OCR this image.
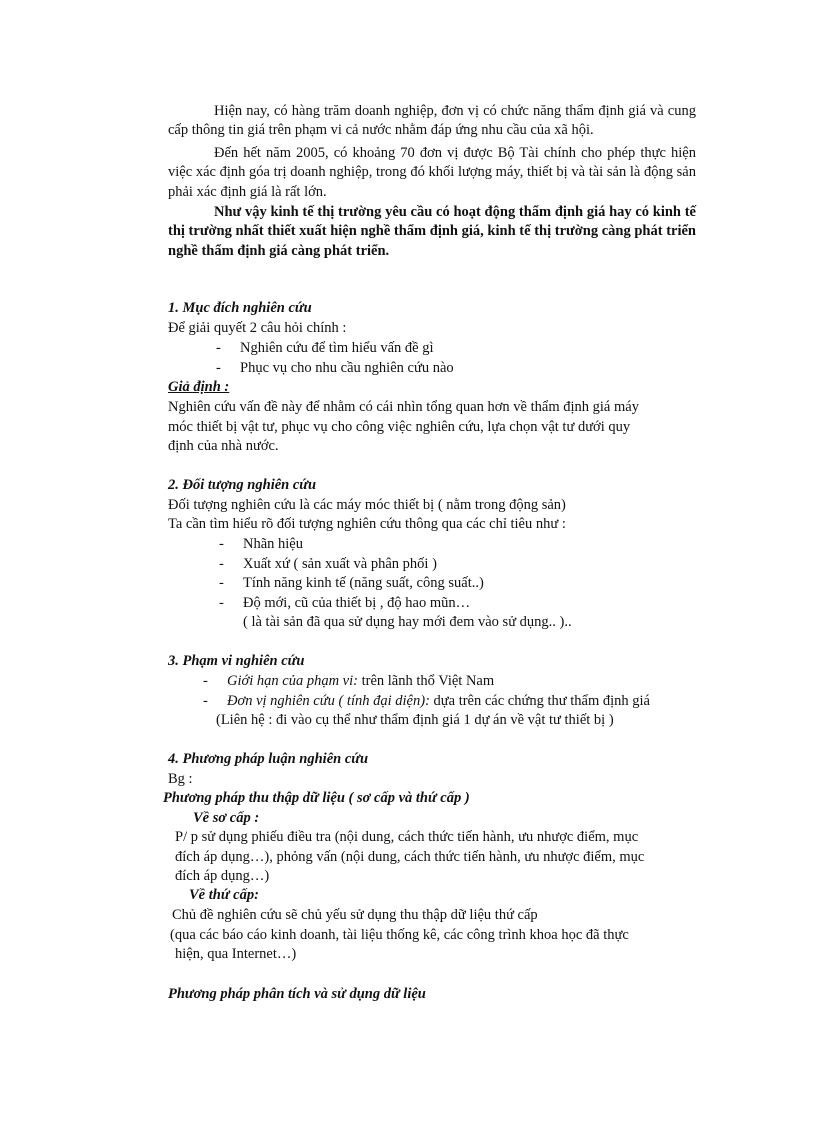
Hiện nay, có hàng trăm doanh nghiệp, đơn vị có chức năng thẩm định giá và cung cấp thông tin giá trên phạm vi cả nước nhằm đáp ứng nhu cầu của xã hội.
Đến hết năm 2005, có khoảng 70 đơn vị được Bộ Tài chính cho phép thực hiện việc xác định góa trị doanh nghiệp, trong đó khối lượng máy, thiết bị và tài sản là động sản phải xác định giá là rất lớn.
Như vậy kinh tế thị trường yêu cầu có hoạt động thẩm định giá hay có kinh tế thị trường nhất thiết xuất hiện nghề thẩm định giá, kinh tế thị trường càng phát triển nghề thẩm định giá càng phát triển.
1. Mục đích nghiên cứu
Để giải quyết 2 câu hỏi chính :
- Nghiên cứu để tìm hiểu vấn đề gì
- Phục vụ cho nhu cầu nghiên cứu nào
Giả định :
Nghiên cứu vấn đề này để nhằm có cái nhìn tổng quan hơn về thẩm định giá máy
móc thiết bị vật tư, phục vụ cho công việc nghiên cứu, lựa chọn vật tư dưới quy
định của nhà nước.
2. Đối tượng nghiên cứu
Đối tượng nghiên cứu là các máy móc thiết bị ( nằm trong động sản)
Ta cần tìm hiểu rõ đối tượng nghiên cứu thông qua các chỉ tiêu như :
- Nhãn hiệu
- Xuất xứ ( sản xuất và phân phối )
- Tính năng kinh tế (năng suất, công suất..)
- Độ mới, cũ của thiết bị , độ hao mũn…
( là tài sản đã qua sử dụng hay mới đem vào sử dụng.. )..
3. Phạm vi nghiên cứu
- Giới hạn của phạm vi: trên lãnh thổ Việt Nam
- Đơn vị nghiên cứu ( tính đại diện): dựa trên các chứng thư thẩm định giá
(Liên hệ : đi vào cụ thể như thẩm định giá 1 dự án về vật tư thiết bị )
4. Phương pháp luận nghiên cứu
Bg :
Phương pháp thu thập dữ liệu ( sơ cấp và thứ cấp )
Về sơ cấp :
P/ p sử dụng phiếu điều tra (nội dung, cách thức tiến hành, ưu nhược điểm, mục
đích áp dụng…), phỏng vấn (nội dung, cách thức tiến hành, ưu nhược điểm, mục
đích áp dụng…)
Về thứ cấp:
Chủ đề nghiên cứu sẽ chủ yếu sử dụng thu thập dữ liệu thứ cấp
(qua các báo cáo kinh doanh, tài liệu thống kê, các công trình khoa học đã thực
hiện, qua Internet…)
Phương pháp phân tích và sử dụng dữ liệu
